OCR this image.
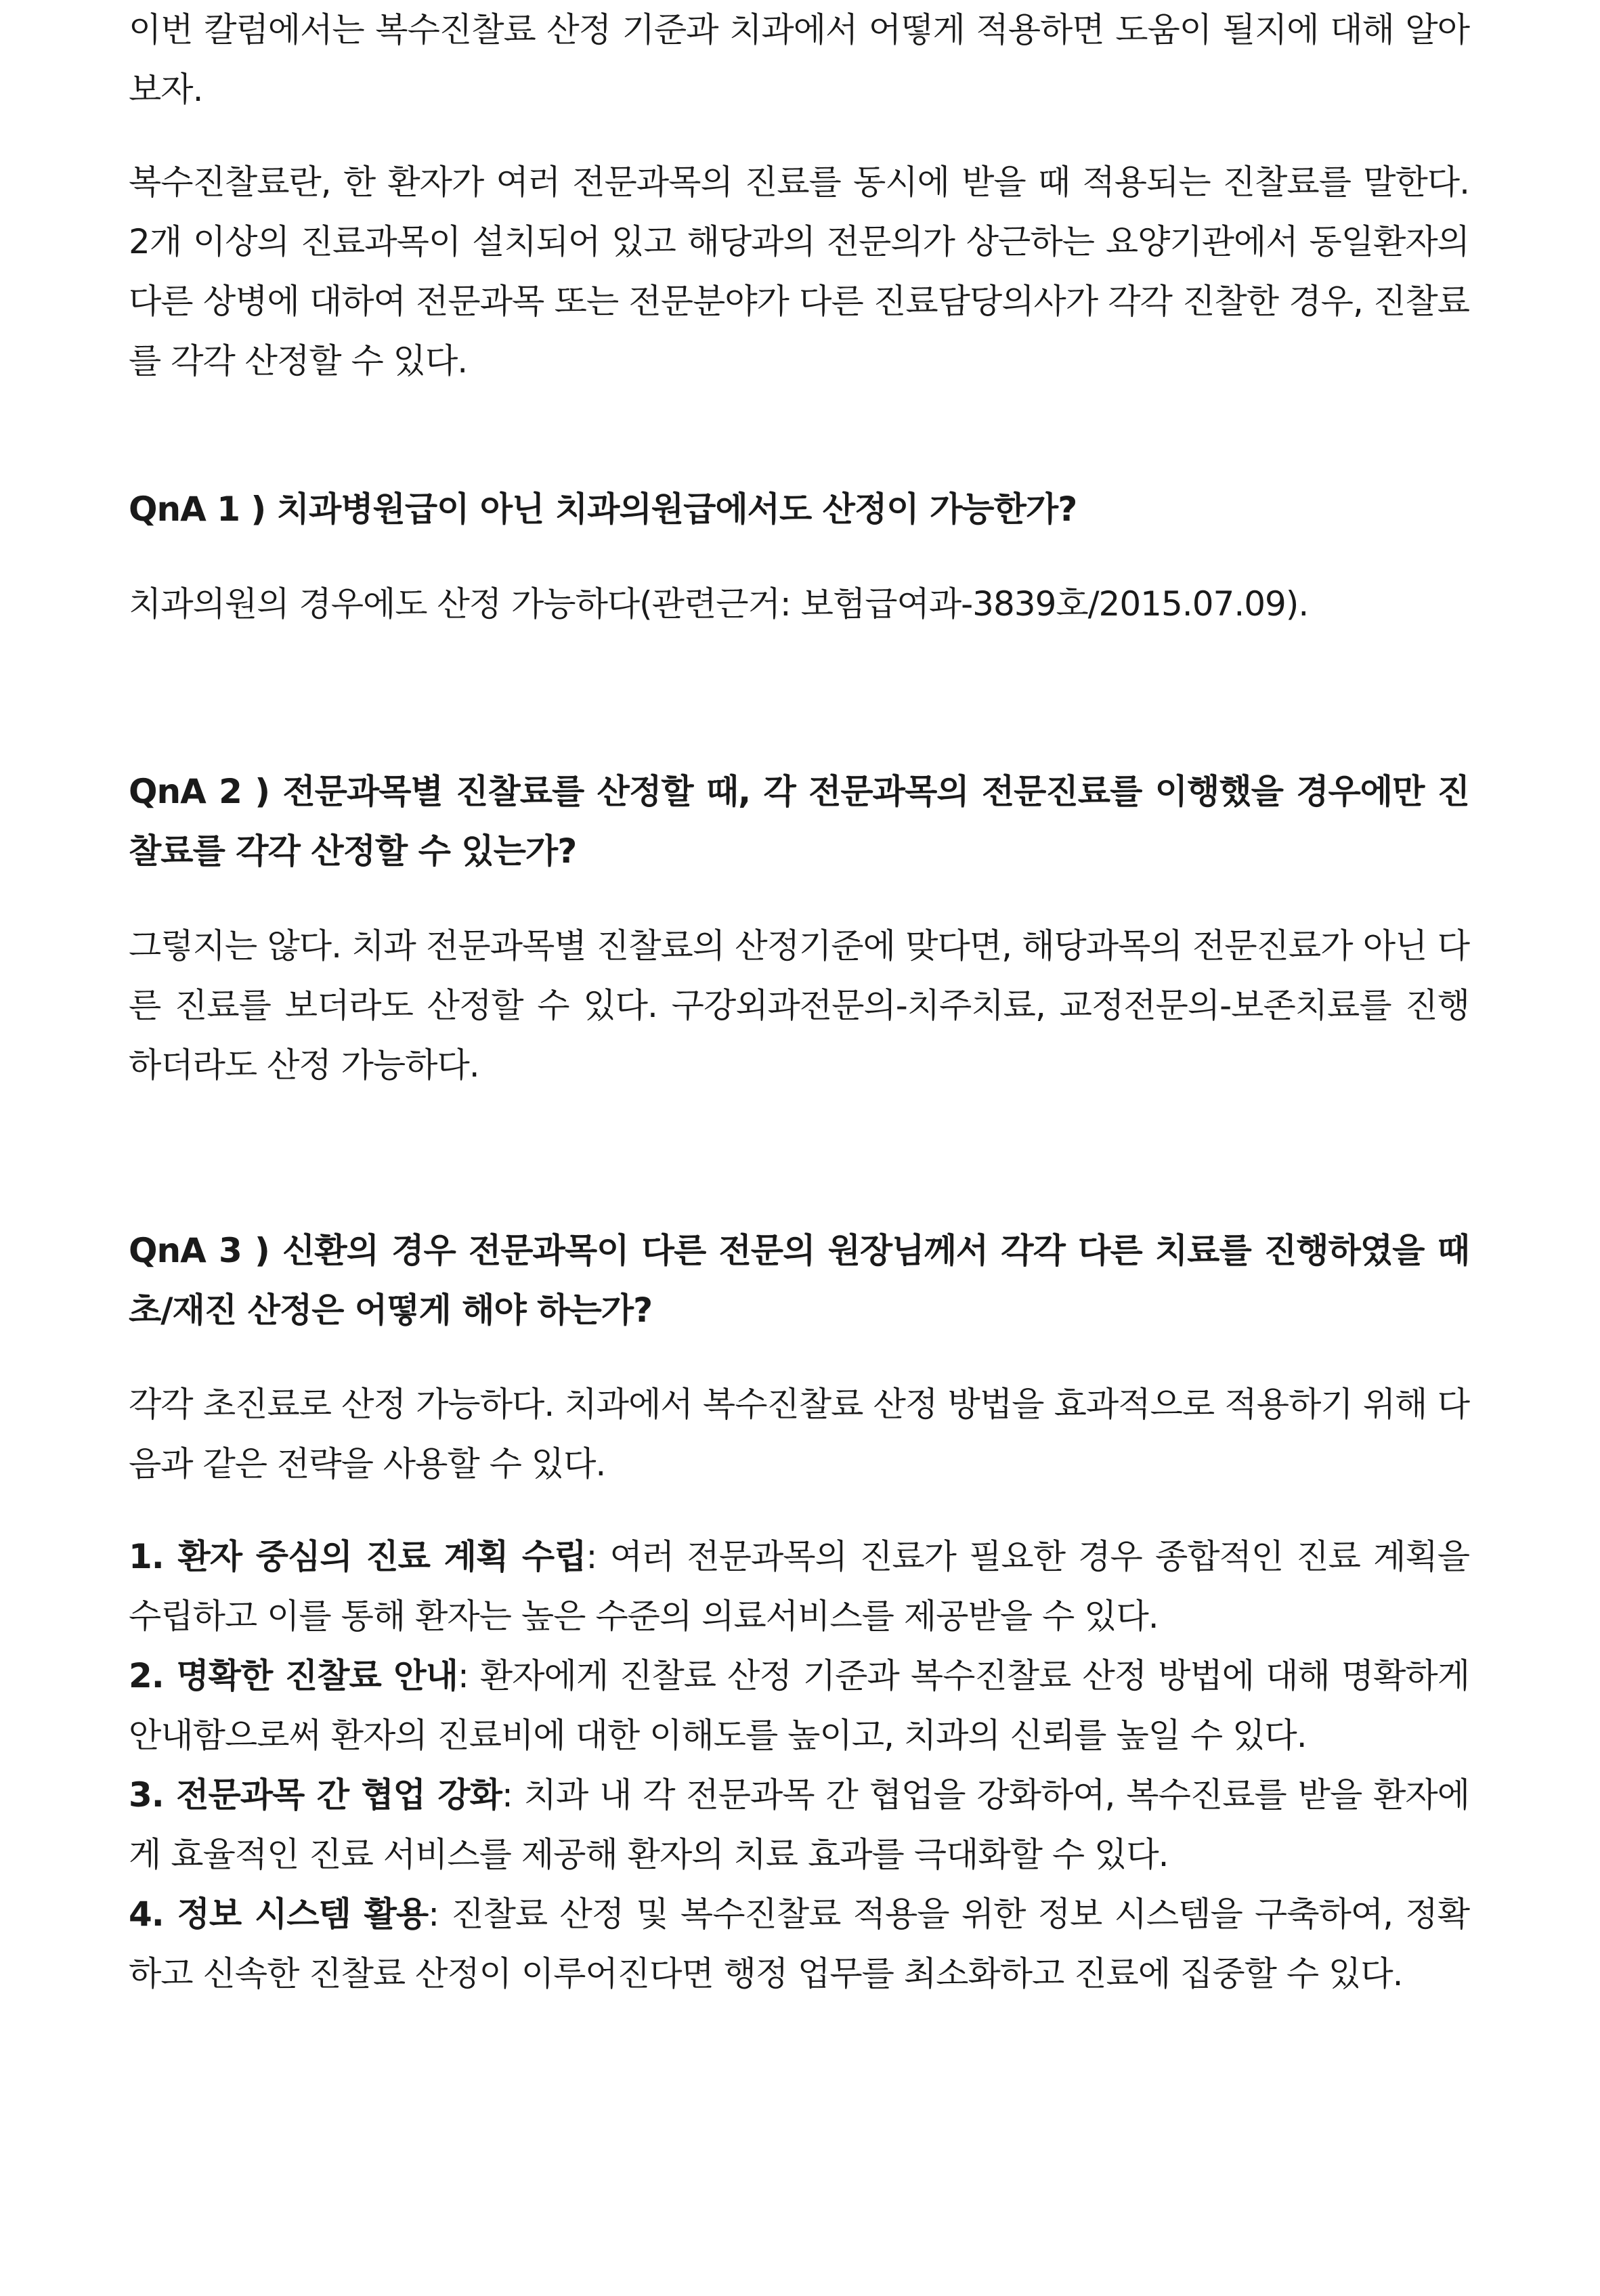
이번 칼럼에서는 복수진찰료 산정 기준과 치과에서 어떻게 적용하면 도움이 될지에 대해 알아보자.

복수진찰료란, 한 환자가 여러 전문과목의 진료를 동시에 받을 때 적용되는 진찰료를 말한다. 2개 이상의 진료과목이 설치되어 있고 해당과의 전문의가 상근하는 요양기관에서 동일환자의 다른 상병에 대하여 전문과목 또는 전문분야가 다른 진료담당의사가 각각 진찰한 경우, 진찰료를 각각 산정할 수 있다.

QnA 1 ) 치과병원급이 아닌 치과의원급에서도 산정이 가능한가?

치과의원의 경우에도 산정 가능하다(관련근거: 보험급여과-3839호/2015.07.09).

QnA 2 ) 전문과목별 진찰료를 산정할 때, 각 전문과목의 전문진료를 이행했을 경우에만 진찰료를 각각 산정할 수 있는가?

그렇지는 않다. 치과 전문과목별 진찰료의 산정기준에 맞다면, 해당과목의 전문진료가 아닌 다른 진료를 보더라도 산정할 수 있다. 구강외과전문의-치주치료, 교정전문의-보존치료를 진행하더라도 산정 가능하다.

QnA 3 ) 신환의 경우 전문과목이 다른 전문의 원장님께서 각각 다른 치료를 진행하였을 때 초/재진 산정은 어떻게 해야 하는가?

각각 초진료로 산정 가능하다. 치과에서 복수진찰료 산정 방법을 효과적으로 적용하기 위해 다음과 같은 전략을 사용할 수 있다.

1. 환자 중심의 진료 계획 수립: 여러 전문과목의 진료가 필요한 경우 종합적인 진료 계획을 수립하고 이를 통해 환자는 높은 수준의 의료서비스를 제공받을 수 있다.
2. 명확한 진찰료 안내: 환자에게 진찰료 산정 기준과 복수진찰료 산정 방법에 대해 명확하게 안내함으로써 환자의 진료비에 대한 이해도를 높이고, 치과의 신뢰를 높일 수 있다.
3. 전문과목 간 협업 강화: 치과 내 각 전문과목 간 협업을 강화하여, 복수진료를 받을 환자에게 효율적인 진료 서비스를 제공해 환자의 치료 효과를 극대화할 수 있다.
4. 정보 시스템 활용: 진찰료 산정 및 복수진찰료 적용을 위한 정보 시스템을 구축하여, 정확하고 신속한 진찰료 산정이 이루어진다면 행정 업무를 최소화하고 진료에 집중할 수 있다.
